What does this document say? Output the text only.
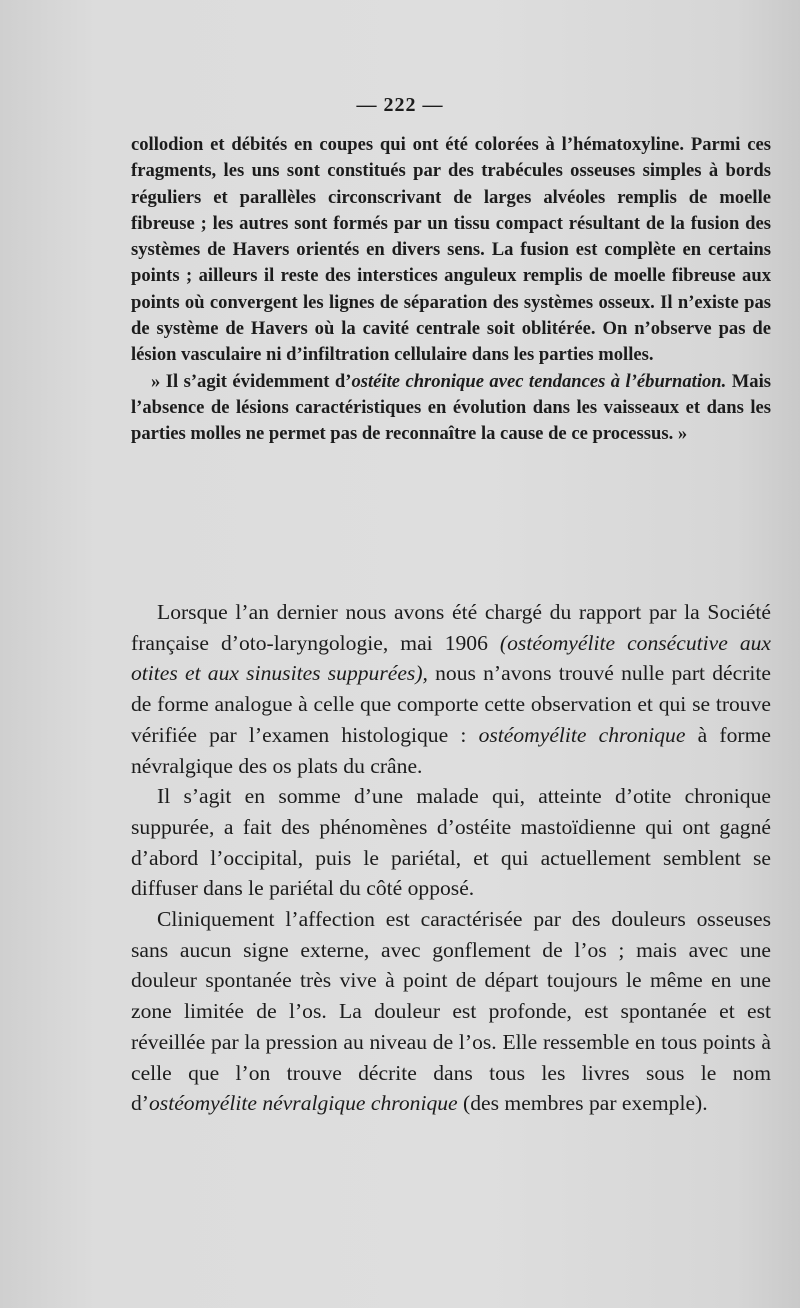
— 222 —

collodion et débités en coupes qui ont été colorées à l’hématoxyline. Parmi ces fragments, les uns sont constitués par des trabécules osseuses simples à bords réguliers et parallèles circonscrivant de larges alvéoles remplis de moelle fibreuse ; les autres sont formés par un tissu compact résultant de la fusion des systèmes de Havers orientés en divers sens. La fusion est complète en certains points ; ailleurs il reste des interstices anguleux remplis de moelle fibreuse aux points où convergent les lignes de séparation des systèmes osseux. Il n’existe pas de système de Havers où la cavité centrale soit oblitérée. On n’observe pas de lésion vasculaire ni d’infiltration cellulaire dans les parties molles.

» Il s’agit évidemment d’ostéite chronique avec tendances à l’éburnation. Mais l’absence de lésions caractéristiques en évolution dans les vaisseaux et dans les parties molles ne permet pas de reconnaître la cause de ce processus. »

Lorsque l’an dernier nous avons été chargé du rapport par la Société française d’oto-laryngologie, mai 1906 (ostéomyélite consécutive aux otites et aux sinusites suppurées), nous n’avons trouvé nulle part décrite de forme analogue à celle que comporte cette observation et qui se trouve vérifiée par l’examen histologique : ostéomyélite chronique à forme névralgique des os plats du crâne.

Il s’agit en somme d’une malade qui, atteinte d’otite chronique suppurée, a fait des phénomènes d’ostéite mastoïdienne qui ont gagné d’abord l’occipital, puis le pariétal, et qui actuellement semblent se diffuser dans le pariétal du côté opposé.

Cliniquement l’affection est caractérisée par des douleurs osseuses sans aucun signe externe, avec gonflement de l’os ; mais avec une douleur spontanée très vive à point de départ toujours le même en une zone limitée de l’os. La douleur est profonde, est spontanée et est réveillée par la pression au niveau de l’os. Elle ressemble en tous points à celle que l’on trouve décrite dans tous les livres sous le nom d’ostéomyélite névralgique chronique (des membres par exemple).
